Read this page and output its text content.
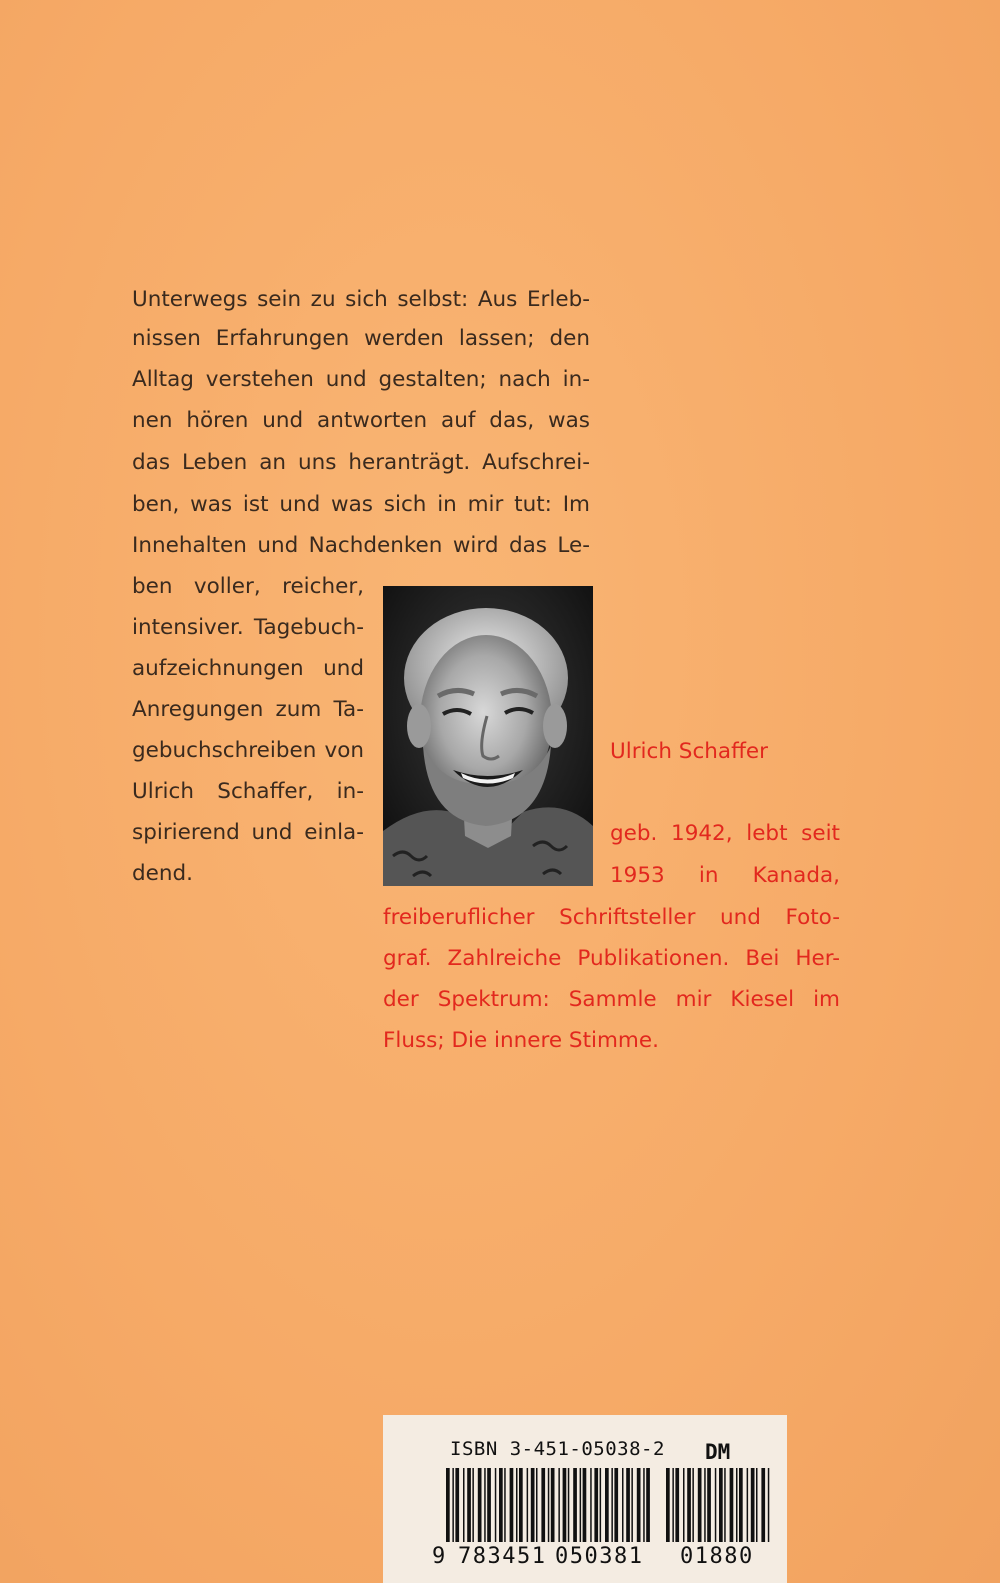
Unterwegs sein zu sich selbst: Aus Erleb-
nissen Erfahrungen werden lassen; den
Alltag verstehen und gestalten; nach in-
nen hören und antworten auf das, was
das Leben an uns heranträgt. Aufschrei-
ben, was ist und was sich in mir tut: Im
Innehalten und Nachdenken wird das Le-
ben voller, reicher,
intensiver. Tagebuch-
aufzeichnungen und
Anregungen zum Ta-
gebuchschreiben von
Ulrich Schaffer, in-
spirierend und einla-
dend.
Ulrich Schaffer
geb. 1942, lebt seit
1953 in Kanada,
freiberuflicher Schriftsteller und Foto-
graf. Zahlreiche Publikationen. Bei Her-
der Spektrum: Sammle mir Kiesel im
Fluss; Die innere Stimme.
ISBN 3-451-05038-2 DM
9 783451 050381 01880
